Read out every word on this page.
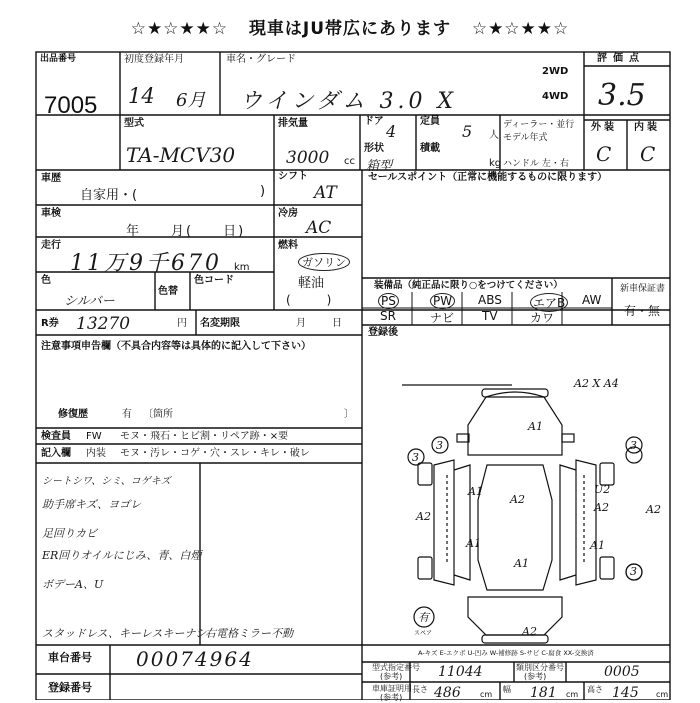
☆★☆★★☆ 現車はJU帯広にあります ☆★☆★★☆
出品番号
7005
初度登録年月
14 6月
車名・グレード
ウインダム 3.0 X
2WD
4WD
評価点
3.5
型式
TA-MCV30
排気量
3000 cc
ドア
4
形状
箱型
定員
5 人
積載
kg
ディーラー・並行
モデル年式
ハンドル 左・右
外装
C
内装
C
車歴
自家用・(	)
車検
年　　月(　　日)
走行
11万9千670 km
シフト
AT
冷房
AC
燃料
ガソリン
軽油
(　　　)
色
シルバー
色替
色コード
R券 13270	円 名変期限	月　　日
セールスポイント（正常に機能するものに限ります）
装備品（純正品に限り○をつけてください）
PS	PW ABS	エアB AW
SR	ナビ TV	カワ
新車保証書
有・無
登録後
注意事項申告欄（不具合内容等は具体的に記入して下さい）
修復歴	有 〔箇所	〕
検査員 FW モヌ・飛石・ヒビ割・リペア跡・×要
記入欄 内装 モヌ・汚レ・コゲ・穴・スレ・キレ・破レ
シートシワ、シミ、コゲキズ
助手席キズ、ヨゴレ
足回りカビ
ER回りオイルにじみ、青、白煙
ボデーA、U
スタッドレス、キーレスキーナシ
右電格ミラー不動
車台番号 00074964
登録番号
型式指定番号
(参考)	11044	類別区分番号
(参考)	0005
車庫証明用
(参考)
長さ 486 cm
幅 181 cm
高さ 145 cm
A-キズ E-エクボ U-凹み W-補修跡 S-サビ C-腐食 XX-交換済
A2 X A4
A1
A2
A2
A1
A1
A2
A1
U2
A2
A1
A2
3	3
3
3
有
スペア
